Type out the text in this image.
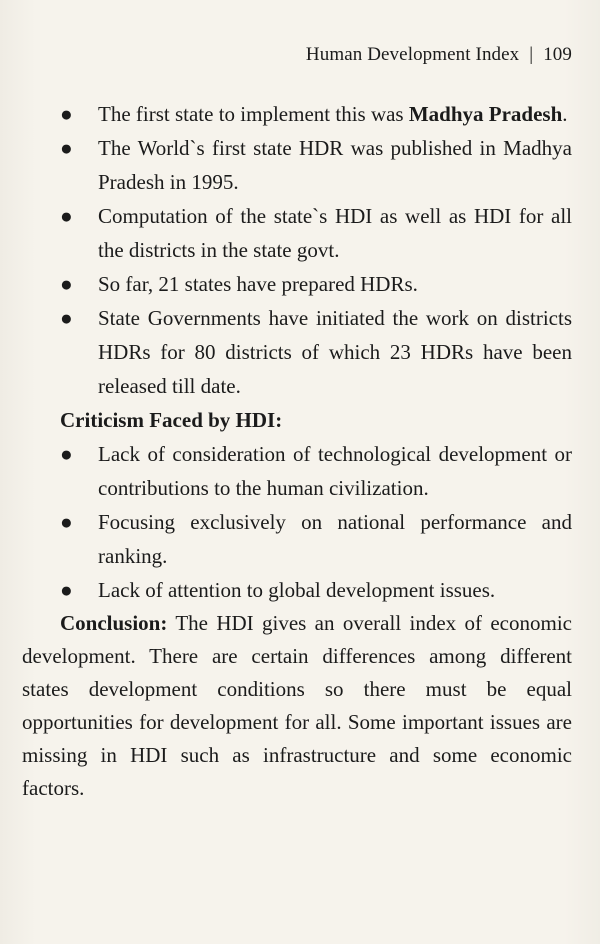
Human Development Index | 109
● The first state to implement this was Madhya Pradesh.
● The World`s first state HDR was published in Madhya Pradesh in 1995.
● Computation of the state`s HDI as well as HDI for all the districts in the state govt.
● So far, 21 states have prepared HDRs.
● State Governments have initiated the work on districts HDRs for 80 districts of which 23 HDRs have been released till date.

Criticism Faced by HDI:

● Lack of consideration of technological development or contributions to the human civilization.
● Focusing exclusively on national performance and ranking.
● Lack of attention to global development issues.

Conclusion: The HDI gives an overall index of economic development. There are certain differences among different states development conditions so there must be equal opportunities for development for all. Some important issues are missing in HDI such as infrastructure and some economic factors.
